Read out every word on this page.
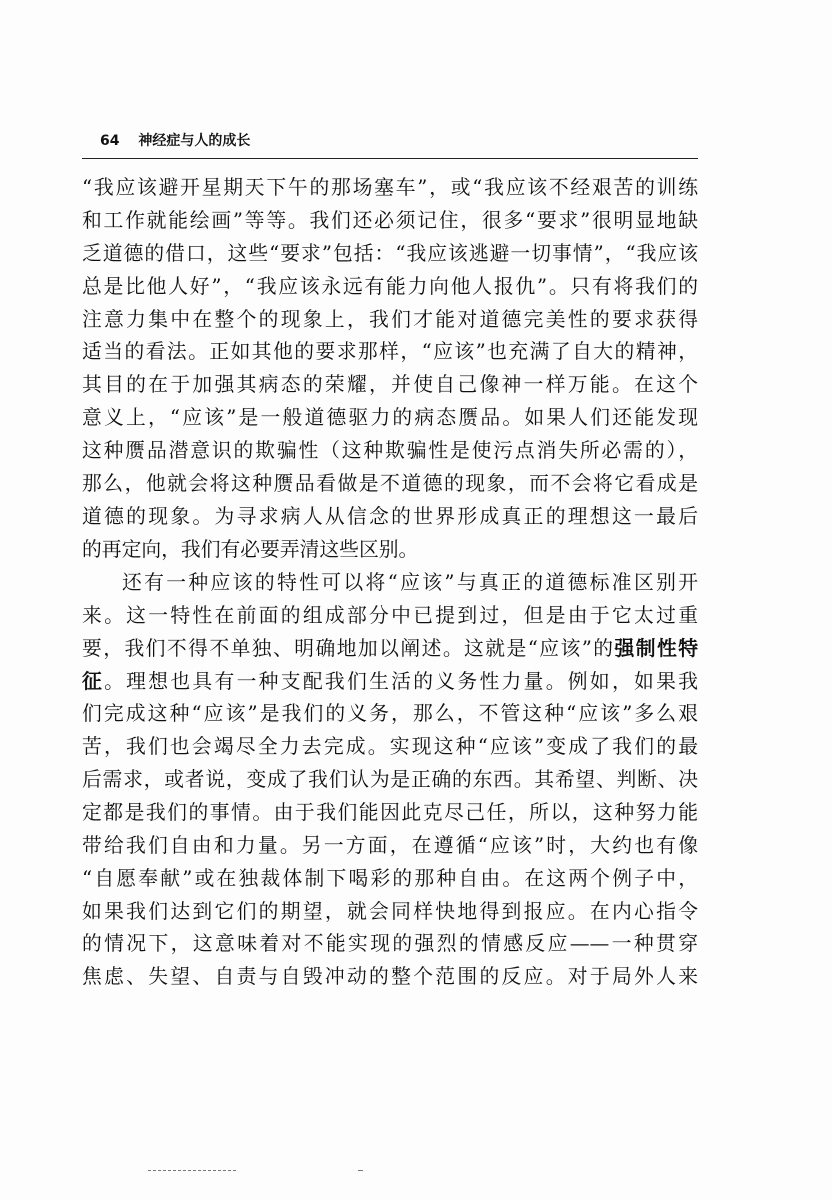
64 神经症与人的成长
“我应该避开星期天下午的那场塞车”，或“我应该不经艰苦的训练
和工作就能绘画”等等。我们还必须记住，很多“要求”很明显地缺
乏道德的借口，这些“要求”包括：“我应该逃避一切事情”，“我应该
总是比他人好”，“我应该永远有能力向他人报仇”。只有将我们的
注意力集中在整个的现象上，我们才能对道德完美性的要求获得
适当的看法。正如其他的要求那样，“应该”也充满了自大的精神，
其目的在于加强其病态的荣耀，并使自己像神一样万能。在这个
意义上，“应该”是一般道德驱力的病态赝品。如果人们还能发现
这种赝品潜意识的欺骗性（这种欺骗性是使污点消失所必需的），
那么，他就会将这种赝品看做是不道德的现象，而不会将它看成是
道德的现象。为寻求病人从信念的世界形成真正的理想这一最后
的再定向，我们有必要弄清这些区别。
还有一种应该的特性可以将“应该”与真正的道德标准区别开
来。这一特性在前面的组成部分中已提到过，但是由于它太过重
要，我们不得不单独、明确地加以阐述。这就是“应该”的强制性特
征。理想也具有一种支配我们生活的义务性力量。例如，如果我
们完成这种“应该”是我们的义务，那么，不管这种“应该”多么艰
苦，我们也会竭尽全力去完成。实现这种“应该”变成了我们的最
后需求，或者说，变成了我们认为是正确的东西。其希望、判断、决
定都是我们的事情。由于我们能因此克尽己任，所以，这种努力能
带给我们自由和力量。另一方面，在遵循“应该”时，大约也有像
“自愿奉献”或在独裁体制下喝彩的那种自由。在这两个例子中，
如果我们达到它们的期望，就会同样快地得到报应。在内心指令
的情况下，这意味着对不能实现的强烈的情感反应——一种贯穿
焦虑、失望、自责与自毁冲动的整个范围的反应。对于局外人来
